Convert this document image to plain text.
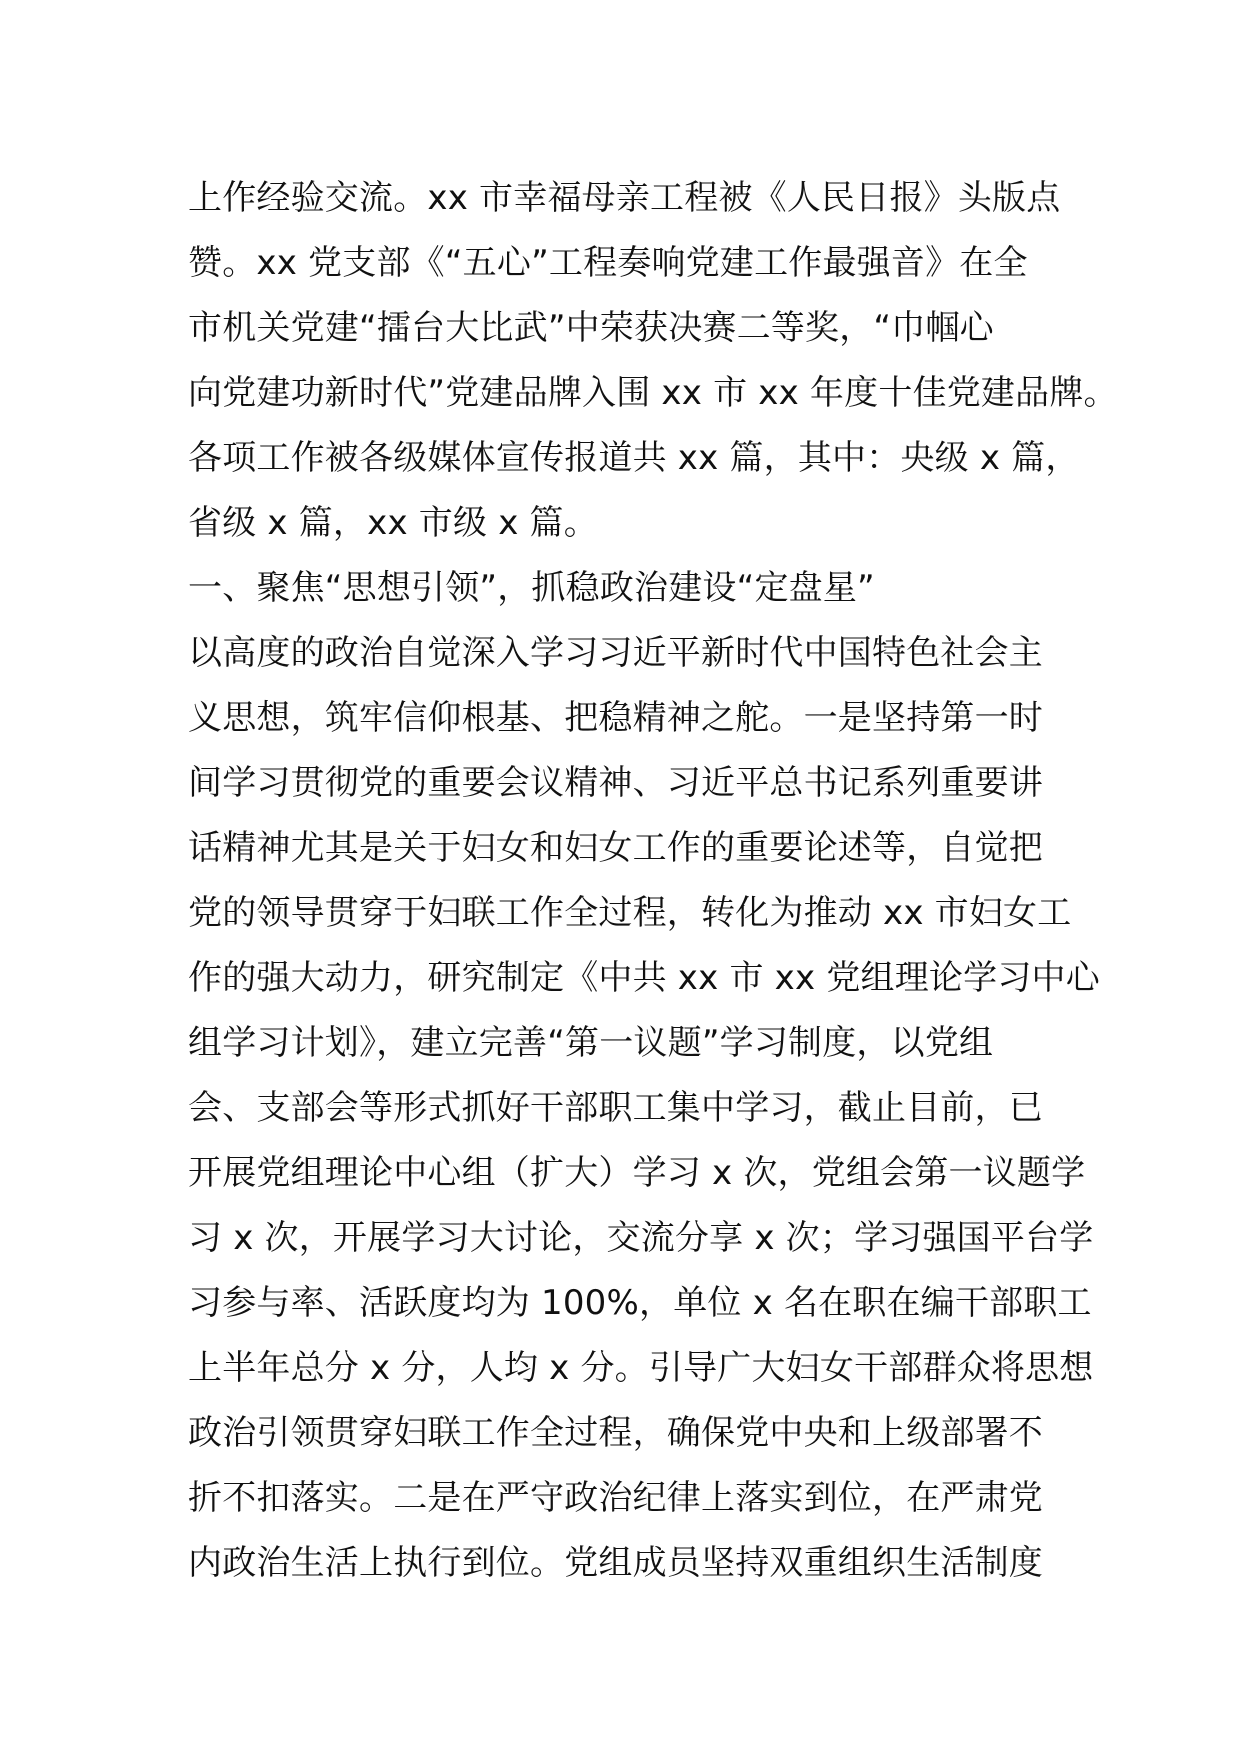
上作经验交流。xx 市幸福母亲工程被《人民日报》头版点
赞。xx 党支部《“五心”工程奏响党建工作最强音》在全
市机关党建“擂台大比武”中荣获决赛二等奖，“巾帼心
向党建功新时代”党建品牌入围 xx 市 xx 年度十佳党建品牌。
各项工作被各级媒体宣传报道共 xx 篇，其中：央级 x 篇，
省级 x 篇，xx 市级 x 篇。
一、聚焦“思想引领”，抓稳政治建设“定盘星”
以高度的政治自觉深入学习习近平新时代中国特色社会主
义思想，筑牢信仰根基、把稳精神之舵。一是坚持第一时
间学习贯彻党的重要会议精神、习近平总书记系列重要讲
话精神尤其是关于妇女和妇女工作的重要论述等，自觉把
党的领导贯穿于妇联工作全过程，转化为推动 xx 市妇女工
作的强大动力，研究制定《中共 xx 市 xx 党组理论学习中心
组学习计划》，建立完善“第一议题”学习制度，以党组
会、支部会等形式抓好干部职工集中学习，截止目前，已
开展党组理论中心组（扩大）学习 x 次，党组会第一议题学
习 x 次，开展学习大讨论，交流分享 x 次；学习强国平台学
习参与率、活跃度均为 100%，单位 x 名在职在编干部职工
上半年总分 x 分，人均 x 分。引导广大妇女干部群众将思想
政治引领贯穿妇联工作全过程，确保党中央和上级部署不
折不扣落实。二是在严守政治纪律上落实到位，在严肃党
内政治生活上执行到位。党组成员坚持双重组织生活制度
